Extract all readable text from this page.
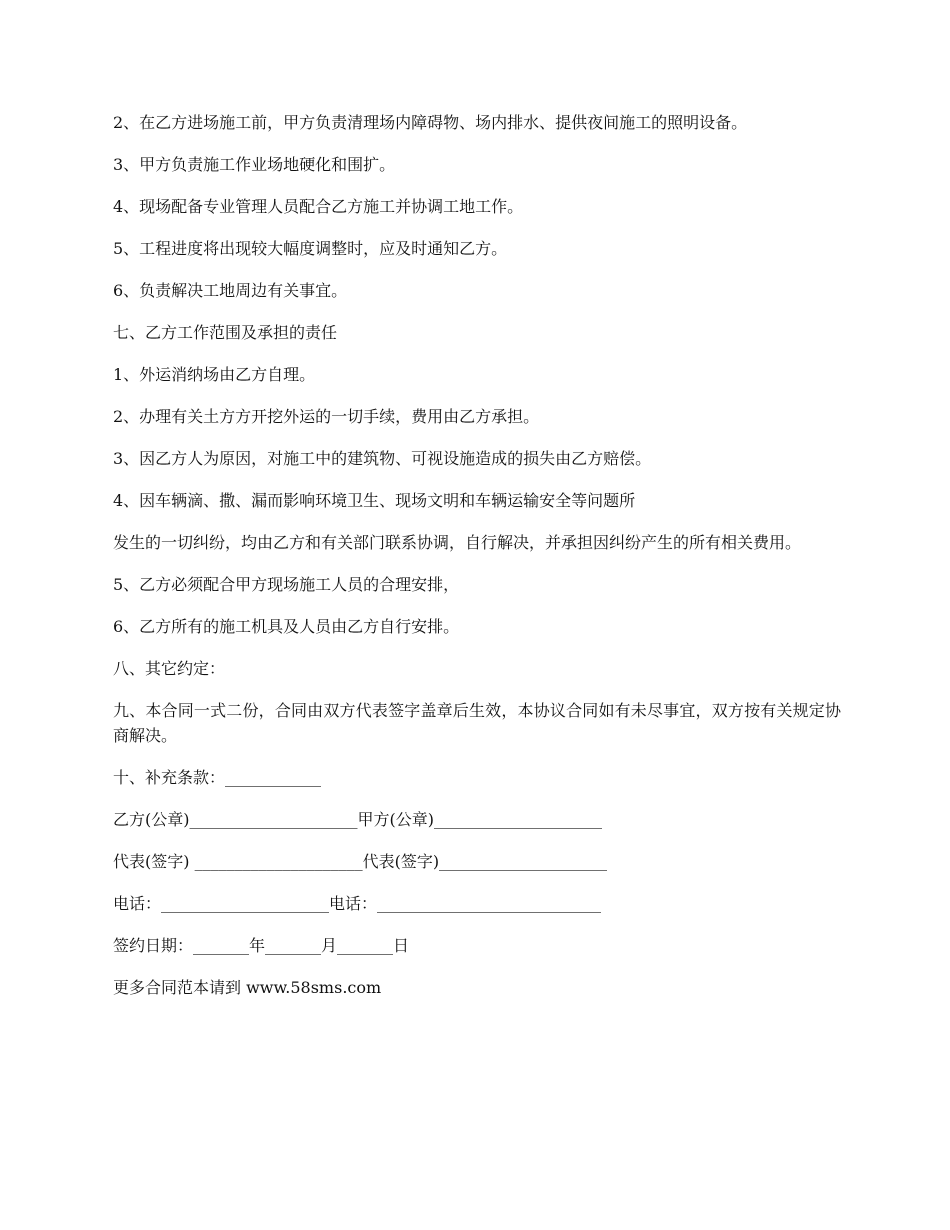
2、在乙方进场施工前，甲方负责清理场内障碍物、场内排水、提供夜间施工的照明设备。

3、甲方负责施工作业场地硬化和围扩。

4、现场配备专业管理人员配合乙方施工并协调工地工作。

5、工程进度将出现较大幅度调整时，应及时通知乙方。

6、负责解决工地周边有关事宜。

七、乙方工作范围及承担的责任

1、外运消纳场由乙方自理。

2、办理有关土方方开挖外运的一切手续，费用由乙方承担。

3、因乙方人为原因，对施工中的建筑物、可视设施造成的损失由乙方赔偿。

4、因车辆滴、撒、漏而影响环境卫生、现场文明和车辆运输安全等问题所

发生的一切纠纷，均由乙方和有关部门联系协调，自行解决，并承担因纠纷产生的所有相关费用。

5、乙方必须配合甲方现场施工人员的合理安排，

6、乙方所有的施工机具及人员由乙方自行安排。

八、其它约定：

九、本合同一式二份，合同由双方代表签字盖章后生效，本协议合同如有未尽事宜，双方按有关规定协商解决。

十、补充条款：____________

乙方(公章)_____________________甲方(公章)_____________________

代表(签字) _____________________代表(签字)_____________________

电话：_____________________电话：____________________________

签约日期：_______年_______月_______日

更多合同范本请到 www.58sms.com
